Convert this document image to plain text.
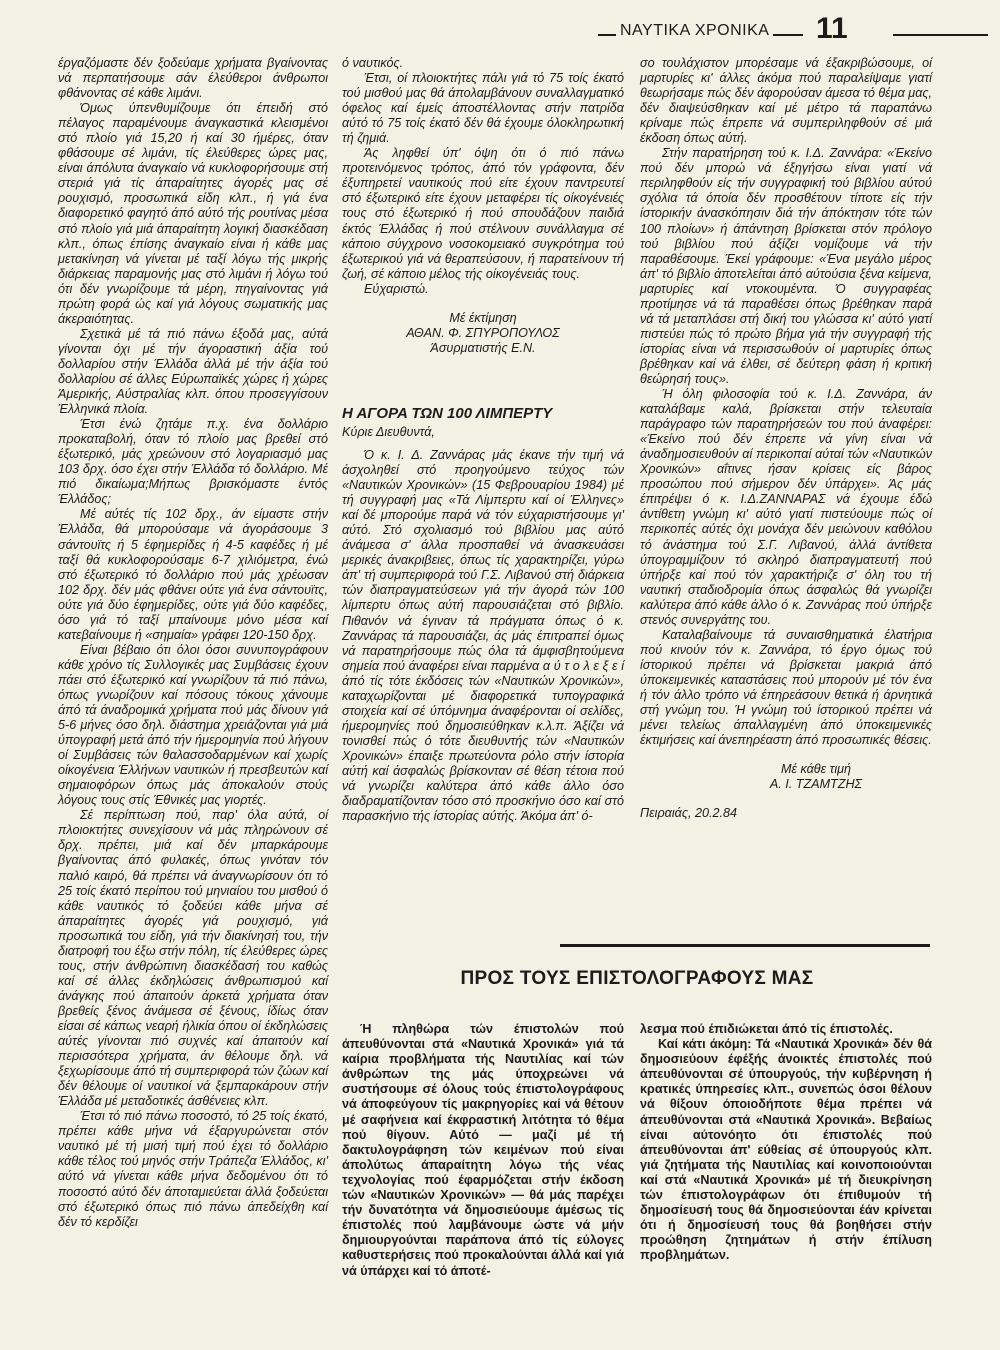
ΝΑΥΤΙΚΑ ΧΡΟΝΙΚΑ 11

έργαζόμαστε δέν ξοδεύαμε χρήματα βγαίνοντας νά περπατήσουμε σάν έλεύθεροι άνθρωποι φθάνοντας σέ κάθε λιμάνι.

Όμως ύπενθυμίζουμε ότι έπειδή στό πέλαγος παραμένουμε άναγκαστικά κλεισμένοι στό πλοίο γιά 15,20 ή καί 30 ήμέρες, όταν φθάσουμε σέ λιμάνι, τίς έλεύθερες ώρες μας, είναι άπόλυτα άναγκαίο νά κυκλοφορήσουμε στή στεριά γιά τίς άπαραίτητες άγορές μας σέ ρουχισμό, προσωπικά είδη κλπ., ή γιά ένα διαφορετικό φαγητό άπό αύτό τής ρουτίνας μέσα στό πλοίο γιά μιά άπαραίτητη λογική διασκέδαση κλπ., όπως έπίσης άναγκαίο είναι ή κάθε μας μετακίνηση νά γίνεται μέ ταξί λόγω τής μικρής διάρκειας παραμονής μας στό λιμάνι ή λόγω τού ότι δέν γνωρίζουμε τά μέρη, πηγαίνοντας γιά πρώτη φορά ώς καί γιά λόγους σωματικής μας άκεραιότητας.

Σχετικά μέ τά πιό πάνω έξοδά μας, αύτά γίνονται όχι μέ τήν άγοραστική άξία τού δολλαρίου στήν Έλλάδα άλλά μέ τήν άξία τού δολλαρίου σέ άλλες Εύρωπαϊκές χώρες ή χώρες Άμερικής, Αύστραλίας κλπ. όπου προσεγγίσουν Έλληνικά πλοία.

Έτσι ένώ ζητάμε π.χ. ένα δολλάριο προκαταβολή, όταν τό πλοίο μας βρεθεί στό έξωτερικό, μάς χρεώνουν στό λογαριασμό μας 103 δρχ. όσο έχει στήν Έλλάδα τό δολλάριο. Μέ πιό δικαίωμα;Μήπως βρισκόμαστε έντός Έλλάδος;

Μέ αύτές τίς 102 δρχ., άν είμαστε στήν Έλλάδα, θά μπορούσαμε νά άγοράσουμε 3 σάντουϊτς ή 5 έφημερίδες ή 4-5 καφέδες ή μέ ταξί θά κυκλοφορούσαμε 6-7 χιλιόμετρα, ένώ στό έξωτερικό τό δολλάριο πού μάς χρέωσαν 102 δρχ. δέν μάς φθάνει ούτε γιά ένα σάντουϊτς, ούτε γιά δύο έφημερίδες, ούτε γιά δύο καφέδες, όσο γιά τό ταξί μπαίνουμε μόνο μέσα καί κατεβαίνουμε ή «σημαία» γράφει 120-150 δρχ.

Είναι βέβαιο ότι όλοι όσοι συνυπογράφουν κάθε χρόνο τίς Συλλογικές μας Συμβάσεις έχουν πάει στό έξωτερικό καί γνωρίζουν τά πιό πάνω, όπως γνωρίζουν καί πόσους τόκους χάνουμε άπό τά άναδρομικά χρήματα πού μάς δίνουν γιά 5-6 μήνες όσο δηλ. διάστημα χρειάζονται γιά μιά ύπογραφή μετά άπό τήν ήμερομηνία πού λήγουν οί Συμβάσεις τών θαλασσοδαρμένων καί χωρίς οίκογένεια Έλλήνων ναυτικών ή πρεσβευτών καί σημαιοφόρων όπως μάς άποκαλούν στούς λόγους τους στίς Έθνικές μας γιορτές.

Σέ περίπτωση πού, παρ' όλα αύτά, οί πλοιοκτήτες συνεχίσουν νά μάς πληρώνουν σέ δρχ. πρέπει, μιά καί δέν μπαρκάρουμε βγαίνοντας άπό φυλακές, όπως γινόταν τόν παλιό καιρό, θά πρέπει νά άναγνωρίσουν ότι τό 25 τοίς έκατό περίπου τού μηνιαίου του μισθού ό κάθε ναυτικός τό ξοδεύει κάθε μήνα σέ άπαραίτητες άγορές γιά ρουχισμό, γιά προσωπικά του είδη, γιά τήν διακίνησή του, τήν διατροφή του έξω στήν πόλη, τίς έλεύθερες ώρες τους, στήν άνθρώπινη διασκέδασή του καθώς καί σέ άλλες έκδηλώσεις άνθρωπισμού καί άνάγκης πού άπαιτούν άρκετά χρήματα όταν βρεθείς ξένος άνάμεσα σέ ξένους, ίδίως όταν είσαι σέ κάπως νεαρή ήλικία όπου οί έκδηλώσεις αύτές γίνονται πιό συχνές καί άπαιτούν καί περισσότερα χρήματα, άν θέλουμε δηλ. νά ξεχωρίσουμε άπό τή συμπεριφορά τών ζώων καί δέν θέλουμε οί ναυτικοί νά ξεμπαρκάρουν στήν Έλλάδα μέ μεταδοτικές άσθένειες κλπ.

Έτσι τό πιό πάνω ποσοστό, τό 25 τοίς έκατό, πρέπει κάθε μήνα νά έξαργυρώνεται στόν ναυτικό μέ τή μισή τιμή πού έχει τό δολλάριο κάθε τέλος τού μηνός στήν Τράπεζα Έλλάδος, κι' αύτό νά γίνεται κάθε μήνα δεδομένου ότι τό ποσοστό αύτό δέν άποταμιεύεται άλλά ξοδεύεται στό έξωτερικό όπως πιό πάνω άπεδείχθη καί δέν τό κερδίζει

ό ναυτικός.

Έτσι, οί πλοιοκτήτες πάλι γιά τό 75 τοίς έκατό τού μισθού μας θά άπολαμβάνουν συναλλαγματικό όφελος καί έμείς άποστέλλοντας στήν πατρίδα αύτό τό 75 τοίς έκατό δέν θά έχουμε όλοκληρωτική τή ζημιά.

Άς ληφθεί ύπ' όψη ότι ό πιό πάνω προτεινόμενος τρόπος, άπό τόν γράφοντα, δέν έξυπηρετεί ναυτικούς πού είτε έχουν παντρευτεί στό έξωτερικό είτε έχουν μεταφέρει τίς οίκογένειές τους στό έξωτερικό ή πού σπουδάζουν παιδιά έκτός Έλλάδας ή πού στέλνουν συνάλλαγμα σέ κάποιο σύγχρονο νοσοκομειακό συγκρότημα τού έξωτερικού γιά νά θεραπεύσουν, ή παρατείνουν τή ζωή, σέ κάποιο μέλος τής οίκογένειάς τους.

Εύχαριστώ.

Μέ έκτίμηση
ΑΘΑΝ. Φ. ΣΠΥΡΟΠΟΥΛΟΣ
Άσυρματιστής Ε.Ν.
Η ΑΓΟΡΑ ΤΩΝ 100 ΛΙΜΠΕΡΤΥ

Κύριε Διευθυντά,

Ό κ. Ι. Δ. Ζαννάρας μάς έκανε τήν τιμή νά άσχοληθεί στό προηγούμενο τεύχος τών «Ναυτικών Χρονικών» (15 Φεβρουαρίου 1984) μέ τή συγγραφή μας «Τά Λίμπερτυ καί οί Έλληνες» καί δέ μπορούμε παρά νά τόν εύχαριστήσουμε γι' αύτό. Στό σχολιασμό τού βιβλίου μας αύτό άνάμεσα σ' άλλα προσπαθεί νά άνασκευάσει μερικές άνακριβειες, όπως τίς χαρακτηρίζει, γύρω άπ' τή συμπεριφορά τού Γ.Σ. Λιβανού στή διάρκεια τών διαπραγματεύσεων γιά τήν άγορά τών 100 λίμπερτυ όπως αύτή παρουσιάζεται στό βιβλίο. Πιθανόν νά έγιναν τά πράγματα όπως ό κ. Ζαννάρας τά παρουσιάζει, άς μάς έπιτραπεί όμως νά παρατηρήσουμε πώς όλα τά άμφισβητούμενα σημεία πού άναφέρει είναι παρμένα α ύ τ ο λ ε ξ ε ί άπό τίς τότε έκδόσεις τών «Ναυτικών Χρονικών», καταχωρίζονται μέ διαφορετικά τυπογραφικά στοιχεία καί σέ ύπόμνημα άναφέρονται οί σελίδες, ήμερομηνίες πού δημοσιεύθηκαν κ.λ.π. Άξίζει νά τονισθεί πώς ό τότε διευθυντής τών «Ναυτικών Χρονικών» έπαιξε πρωτεύοντα ρόλο στήν ίστορία αύτή καί άσφαλώς βρίσκονταν σέ θέση τέτοια πού νά γνωρίζει καλύτερα άπό κάθε άλλο όσο διαδραματίζονταν τόσο στό προσκήνιο όσο καί στό παρασκήνιο τής ίστορίας αύτής. Άκόμα άπ' ό-

σο τουλάχιστον μπορέσαμε νά έξακριβώσουμε, οί μαρτυρίες κι' άλλες άκόμα πού παραλείψαμε γιατί θεωρήσαμε πώς δέν άφορούσαν άμεσα τό θέμα μας, δέν διαψεύσθηκαν καί μέ μέτρο τά παραπάνω κρίναμε πώς έπρεπε νά συμπεριληφθούν σέ μιά έκδοση όπως αύτή.

Στήν παρατήρηση τού κ. Ι.Δ. Ζαννάρα: «Έκείνο πού δέν μπορώ νά έξηγήσω είναι γιατί νά περιληφθούν είς τήν συγγραφική τού βιβλίου αύτού σχόλια τά όποία δέν προσθέτουν τίποτε είς τήν ίστορικήν άνασκόπησιν διά τήν άπόκτησιν τότε τών 100 πλοίων» ή άπάντηση βρίσκεται στόν πρόλογο τού βιβλίου πού άξίζει νομίζουμε νά τήν παραθέσουμε. Έκεί γράφουμε: «Ένα μεγάλο μέρος άπ' τό βιβλίο άποτελείται άπό αύτούσια ξένα κείμενα, μαρτυρίες καί ντοκουμέντα. Ό συγγραφέας προτίμησε νά τά παραθέσει όπως βρέθηκαν παρά νά τά μεταπλάσει στή δική του γλώσσα κι' αύτό γιατί πιστεύει πώς τό πρώτο βήμα γιά τήν συγγραφή τής ίστορίας είναι νά περισσωθούν οί μαρτυρίες όπως βρέθηκαν καί νά έλθει, σέ δεύτερη φάση ή κριτική θεώρησή τους».

Ή όλη φιλοσοφία τού κ. Ι.Δ. Ζαννάρα, άν καταλάβαμε καλά, βρίσκεται στήν τελευταία παράγραφο τών παρατηρήσεών του πού άναφέρει: «Έκείνο πού δέν έπρεπε νά γίνη είναι νά άναδημοσιευθούν αί περικοπαί αύταί τών «Ναυτικών Χρονικών» αΐτινες ήσαν κρίσεις είς βάρος προσώπου πού σήμερον δέν ύπάρχει». Άς μάς έπιτρέψει ό κ. Ι.Δ.ΖΑΝΝΑΡΑΣ νά έχουμε έδώ άντίθετη γνώμη κι' αύτό γιατί πιστεύουμε πώς οί περικοπές αύτές όχι μονάχα δέν μειώνουν καθόλου τό άνάστημα τού Σ.Γ. Λιβανού, άλλά άντίθετα ύπογραμμίζουν τό σκληρό διαπραγματευτή πού ύπήρξε καί πού τόν χαρακτήριζε σ' όλη του τή ναυτική σταδιοδρομία όπως άσφαλώς θά γνωρίζει καλύτερα άπό κάθε άλλο ό κ. Ζαννάρας πού ύπήρξε στενός συνεργάτης του.

Καταλαβαίνουμε τά συναισθηματικά έλατήρια πού κινούν τόν κ. Ζαννάρα, τό έργο όμως τού ίστορικού πρέπει νά βρίσκεται μακριά άπό ύποκειμενικές καταστάσεις πού μπορούν μέ τόν ένα ή τόν άλλο τρόπο νά έπηρεάσουν θετικά ή άρνητικά στή γνώμη του. Ή γνώμη τού ίστορικού πρέπει νά μένει τελείως άπαλλαγμένη άπό ύποκειμενικές έκτιμήσεις καί άνεπηρέαστη άπό προσωπικές θέσεις.

Μέ κάθε τιμή
Α. Ι. ΤΖΑΜΤΖΗΣ

Πειραιάς, 20.2.84

ΠΡΟΣ ΤΟΥΣ ΕΠΙΣΤΟΛΟΓΡΑΦΟΥΣ ΜΑΣ

Ή πληθώρα τών έπιστολών πού άπευθύνονται στά «Ναυτικά Χρονικά» γιά τά καίρια προβλήματα τής Ναυτιλίας καί τών άνθρώπων της μάς ύποχρεώνει νά συστήσουμε σέ όλους τούς έπιστολογράφους νά άποφεύγουν τίς μακρηγορίες καί νά θέτουν μέ σαφήνεια καί έκφραστική λιτότητα τό θέμα πού θίγουν. Αύτό — μαζί μέ τή δακτυλογράφηση τών κειμένων πού είναι άπολύτως άπαραίτητη λόγω τής νέας τεχνολογίας πού έφαρμόζεται στήν έκδοση τών «Ναυτικών Χρονικών» — θά μάς παρέχει τήν δυνατότητα νά δημοσιεύουμε άμέσως τίς έπιστολές πού λαμβάνουμε ώστε νά μήν δημιουργούνται παράπονα άπό τίς εύλογες καθυστερήσεις πού προκαλούνται άλλά καί γιά νά ύπάρχει καί τό άποτέ-

λεσμα πού έπιδιώκεται άπό τίς έπιστολές.

Καί κάτι άκόμη: Τά «Ναυτικά Χρονικά» δέν θά δημοσιεύουν έφέξής άνοικτές έπιστολές πού άπευθύνονται σέ ύπουργούς, τήν κυβέρνηση ή κρατικές ύπηρεσίες κλπ., συνεπώς όσοι θέλουν νά θίξουν όποιοδήποτε θέμα πρέπει νά άπευθύνονται στά «Ναυτικά Χρονικά». Βεβαίως είναι αύτονόητο ότι έπιστολές πού άπευθύνονται άπ' εύθείας σέ ύπουργούς κλπ. γιά ζητήματα τής Ναυτιλίας καί κοινοποιούνται καί στά «Ναυτικά Χρονικά» μέ τή διευκρίνηση τών έπιστολογράφων ότι έπιθυμούν τή δημοσίευσή τους θά δημοσιεύονται έάν κρίνεται ότι ή δημοσίευσή τους θά βοηθήσει στήν προώθηση ζητημάτων ή στήν έπίλυση προβλημάτων.
